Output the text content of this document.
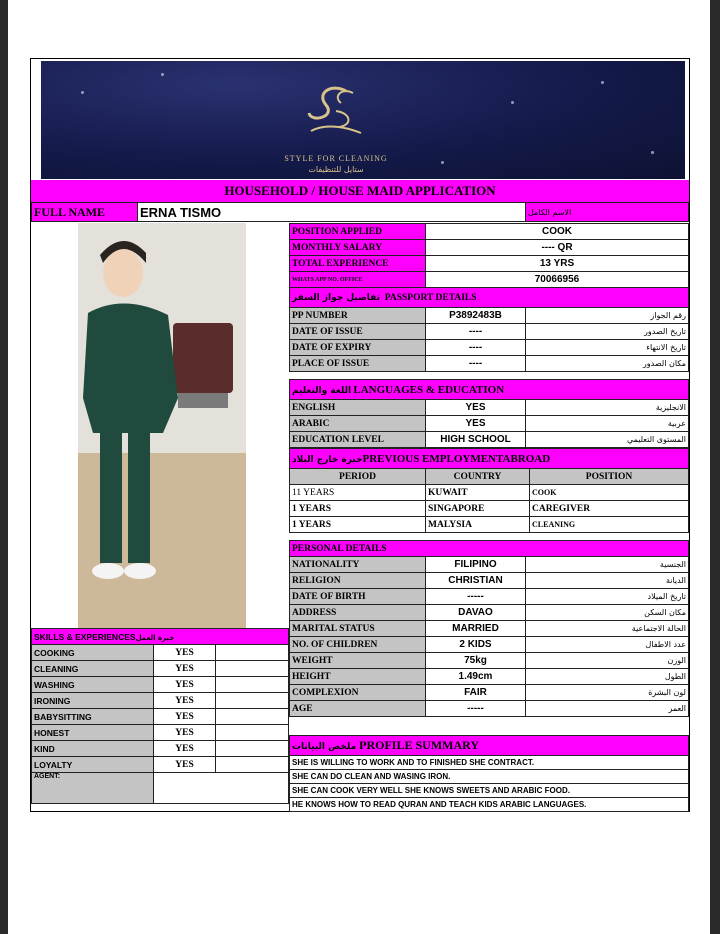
STYLE FOR CLEANING
ستايل للتنظيفات
HOUSEHOLD / HOUSE MAID APPLICATION
FULL NAME	ERNA TISMO	الاسم الكامل
POSITION APPLIED	COOK
MONTHLY SALARY	---- QR
TOTAL EXPERIENCE	13 YRS
WHATS APP NO. OFFICE	70066956
تفاصيل جواز السفر PASSPORT DETAILS		
PP NUMBER	P3892483B	رقم الجواز
DATE OF ISSUE	----	تاريخ الصدور
DATE OF EXPIRY	----	تاريخ الانتهاء
PLACE OF ISSUE	----	مكان الصدور
اللغة والتعليم LANGUAGES & EDUCATION		
ENGLISH	YES	الانجليزية
ARABIC	YES	عربية
EDUCATION LEVEL	HIGH SCHOOL	المستوى التعليمي
خبرة خارج البلادPREVIOUS EMPLOYMENTABROAD		
PERIOD	COUNTRY	POSITION
11 YEARS	KUWAIT	COOK
1 YEARS	SINGAPORE	CAREGIVER
1 YEARS	MALYSIA	CLEANING
PERSONAL DETAILS		
NATIONALITY	FILIPINO	الجنسية
RELIGION	CHRISTIAN	الديانة
DATE OF BIRTH	-----	تاريخ الميلاد
ADDRESS	DAVAO	مكان السكن
MARITAL STATUS	MARRIED	الحالة الاجتماعية
NO. OF CHILDREN	2 KIDS	عدد الاطفال
WEIGHT	75kg	الوزن
HEIGHT	1.49cm	الطول
COMPLEXION	FAIR	لون البشرة
AGE	-----	العمر
SKILLS & EXPERIENCESخبرة العمل		
COOKING	YES	
CLEANING	YES	
WASHING	YES	
IRONING	YES	
BABYSITTING	YES	
HONEST	YES	
KIND	YES	
LOYALTY	YES	
AGENT:		
ملخص البيانات PROFILE SUMMARY
SHE IS WILLING TO WORK AND TO FINISHED SHE CONTRACT.
SHE CAN DO CLEAN AND WASING IRON.
SHE CAN COOK VERY WELL SHE KNOWS SWEETS AND ARABIC FOOD.
HE KNOWS HOW TO READ QURAN AND TEACH KIDS ARABIC LANGUAGES.
